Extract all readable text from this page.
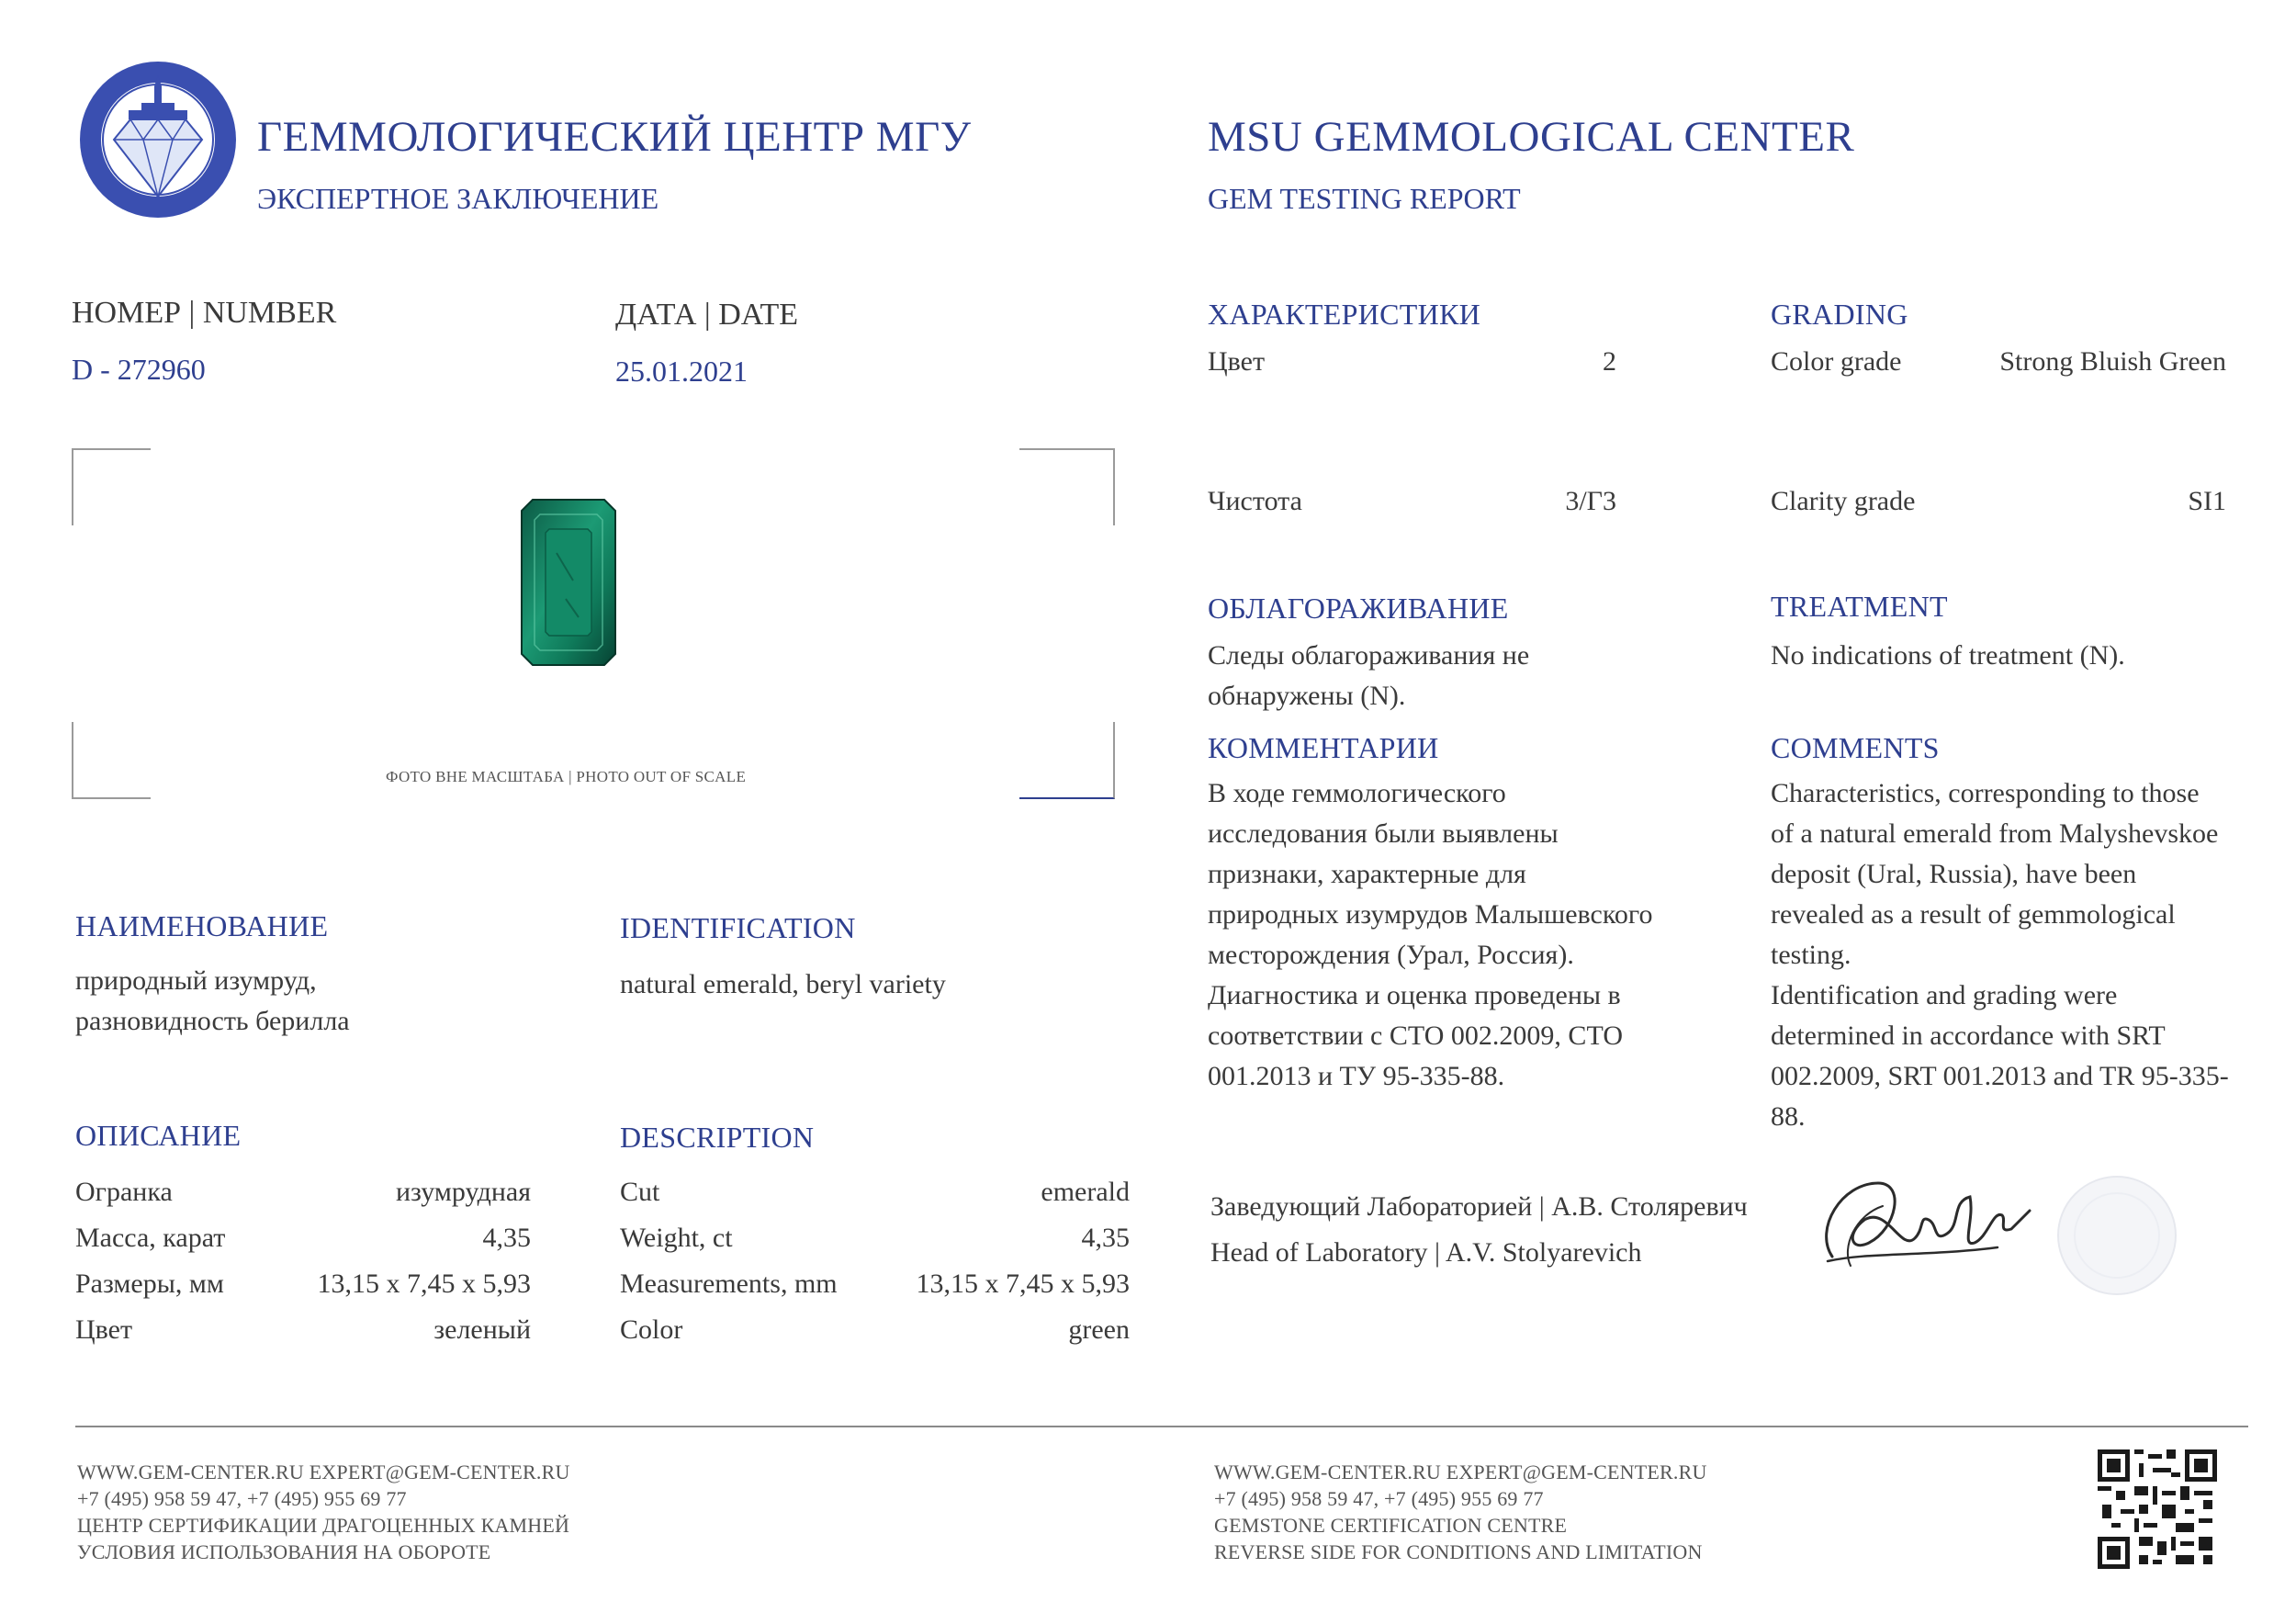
ГЕММОЛОГИЧЕСКИЙ ЦЕНТР МГУ
ЭКСПЕРТНОЕ ЗАКЛЮЧЕНИЕ
MSU GEMMOLOGICAL CENTER
GEM TESTING REPORT
НОМЕР | NUMBER
D - 272960
ДАТА | DATE
25.01.2021
ФОТО ВНЕ МАСШТАБА | PHOTO OUT OF SCALE
НАИМЕНОВАНИЕ
природный изумруд,
разновидность берилла
IDENTIFICATION
natural emerald, beryl variety
ОПИСАНИЕ	DESCRIPTION
Огранка	изумрудная
Масса, карат	4,35
Размеры, мм	13,15 x 7,45 x 5,93
Цвет	зеленый
Cut	emerald
Weight, ct	4,35
Measurements, mm	13,15 x 7,45 x 5,93
Color	green
ХАРАКТЕРИСТИКИ	GRADING
Цвет	2	Color grade	Strong Bluish Green
Чистота	3/Г3	Clarity grade	SI1
ОБЛАГОРАЖИВАНИЕ
Следы облагораживания не
обнаружены (N).
TREATMENT
No indications of treatment (N).
КОММЕНТАРИИ
В ходе геммологического
исследования были выявлены
признаки, характерные для
природных изумрудов Малышевского
месторождения (Урал, Россия).
Диагностика и оценка проведены в
соответствии с СТО 002.2009, СТО
001.2013 и ТУ 95-335-88.
COMMENTS
Characteristics, corresponding to those
of a natural emerald from Malyshevskoe
deposit (Ural, Russia), have been
revealed as a result of gemmological
testing.
Identification and grading were
determined in accordance with SRT
002.2009, SRT 001.2013 and TR 95-335-
88.
Заведующий Лабораторией | А.В. Столяревич
Head of Laboratory | A.V. Stolyarevich
WWW.GEM-CENTER.RU EXPERT@GEM-CENTER.RU
+7 (495) 958 59 47, +7 (495) 955 69 77
ЦЕНТР СЕРТИФИКАЦИИ ДРАГОЦЕННЫХ КАМНЕЙ
УСЛОВИЯ ИСПОЛЬЗОВАНИЯ НА ОБОРОТЕ
WWW.GEM-CENTER.RU EXPERT@GEM-CENTER.RU
+7 (495) 958 59 47, +7 (495) 955 69 77
GEMSTONE CERTIFICATION CENTRE
REVERSE SIDE FOR CONDITIONS AND LIMITATION
